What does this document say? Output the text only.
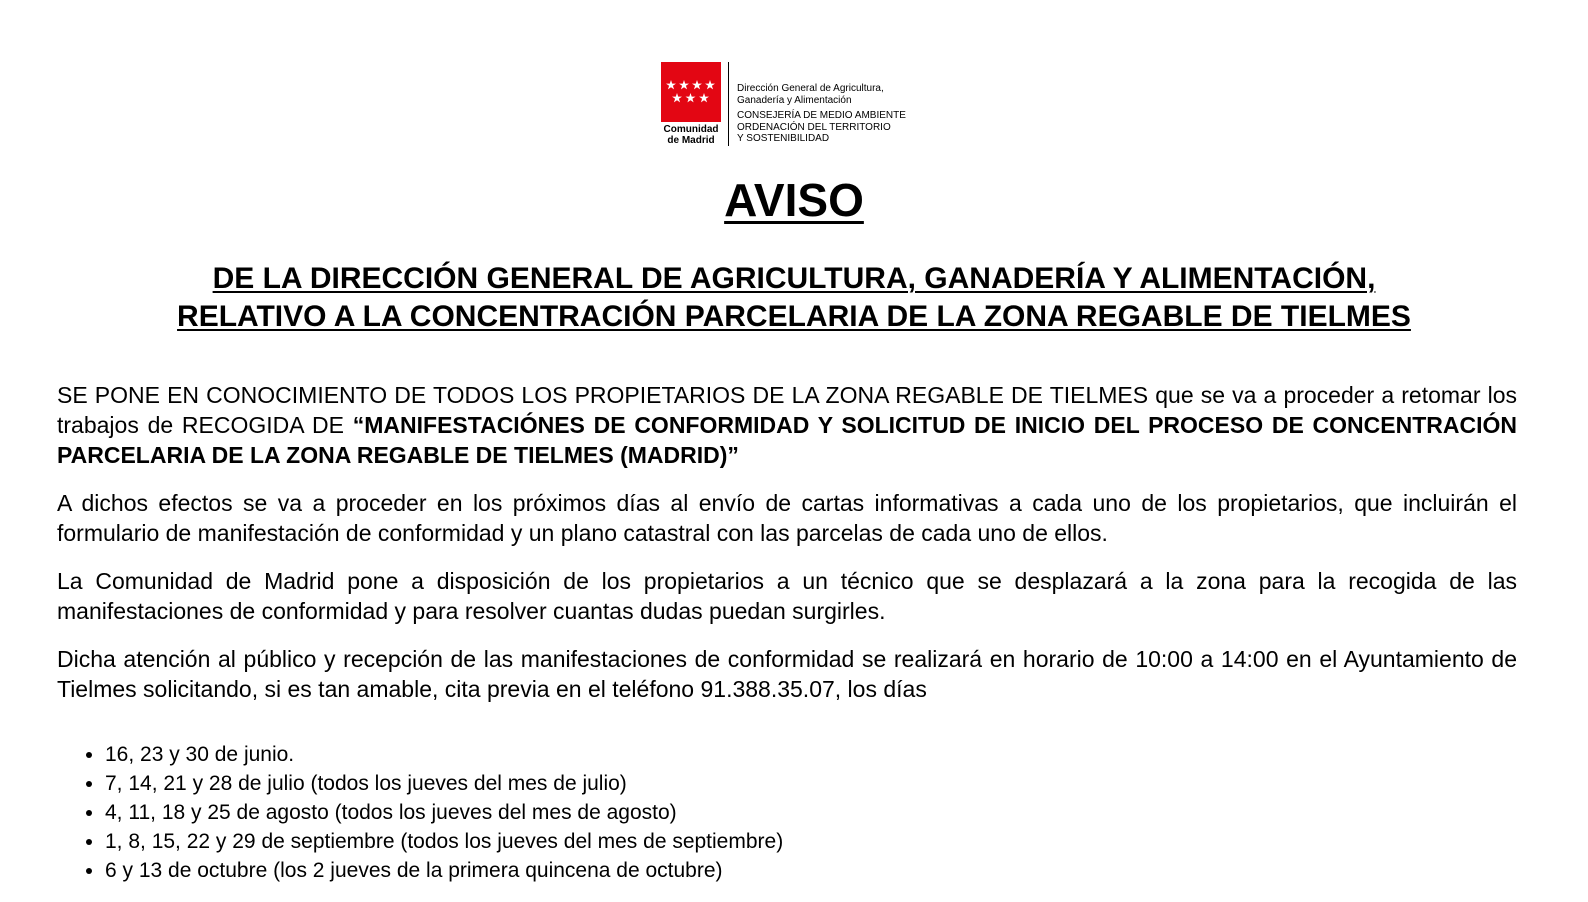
Comunidad
de Madrid
Dirección General de Agricultura,
Ganadería y Alimentación
CONSEJERÍA DE MEDIO AMBIENTE
ORDENACIÓN DEL TERRITORIO
Y SOSTENIBILIDAD
AVISO
DE LA DIRECCIÓN GENERAL DE AGRICULTURA, GANADERÍA Y ALIMENTACIÓN,
RELATIVO A LA CONCENTRACIÓN PARCELARIA DE LA ZONA REGABLE DE TIELMES

SE PONE EN CONOCIMIENTO DE TODOS LOS PROPIETARIOS DE LA ZONA REGABLE DE TIELMES que se va a proceder a retomar los trabajos de RECOGIDA DE “MANIFESTACIÓNES DE CONFORMIDAD Y SOLICITUD DE INICIO DEL PROCESO DE CONCENTRACIÓN PARCELARIA DE LA ZONA REGABLE DE TIELMES (MADRID)”

A dichos efectos se va a proceder en los próximos días al envío de cartas informativas a cada uno de los propietarios, que incluirán el formulario de manifestación de conformidad y un plano catastral con las parcelas de cada uno de ellos.

La Comunidad de Madrid pone a disposición de los propietarios a un técnico que se desplazará a la zona para la recogida de las manifestaciones de conformidad y para resolver cuantas dudas puedan surgirles.

Dicha atención al público y recepción de las manifestaciones de conformidad se realizará en horario de 10:00 a 14:00 en el Ayuntamiento de Tielmes solicitando, si es tan amable, cita previa en el teléfono 91.388.35.07, los días

• 16, 23 y 30 de junio.
• 7, 14, 21 y 28 de julio (todos los jueves del mes de julio)
• 4, 11, 18 y 25 de agosto (todos los jueves del mes de agosto)
• 1, 8, 15, 22 y 29 de septiembre (todos los jueves del mes de septiembre)
• 6 y 13 de octubre (los 2 jueves de la primera quincena de octubre)
